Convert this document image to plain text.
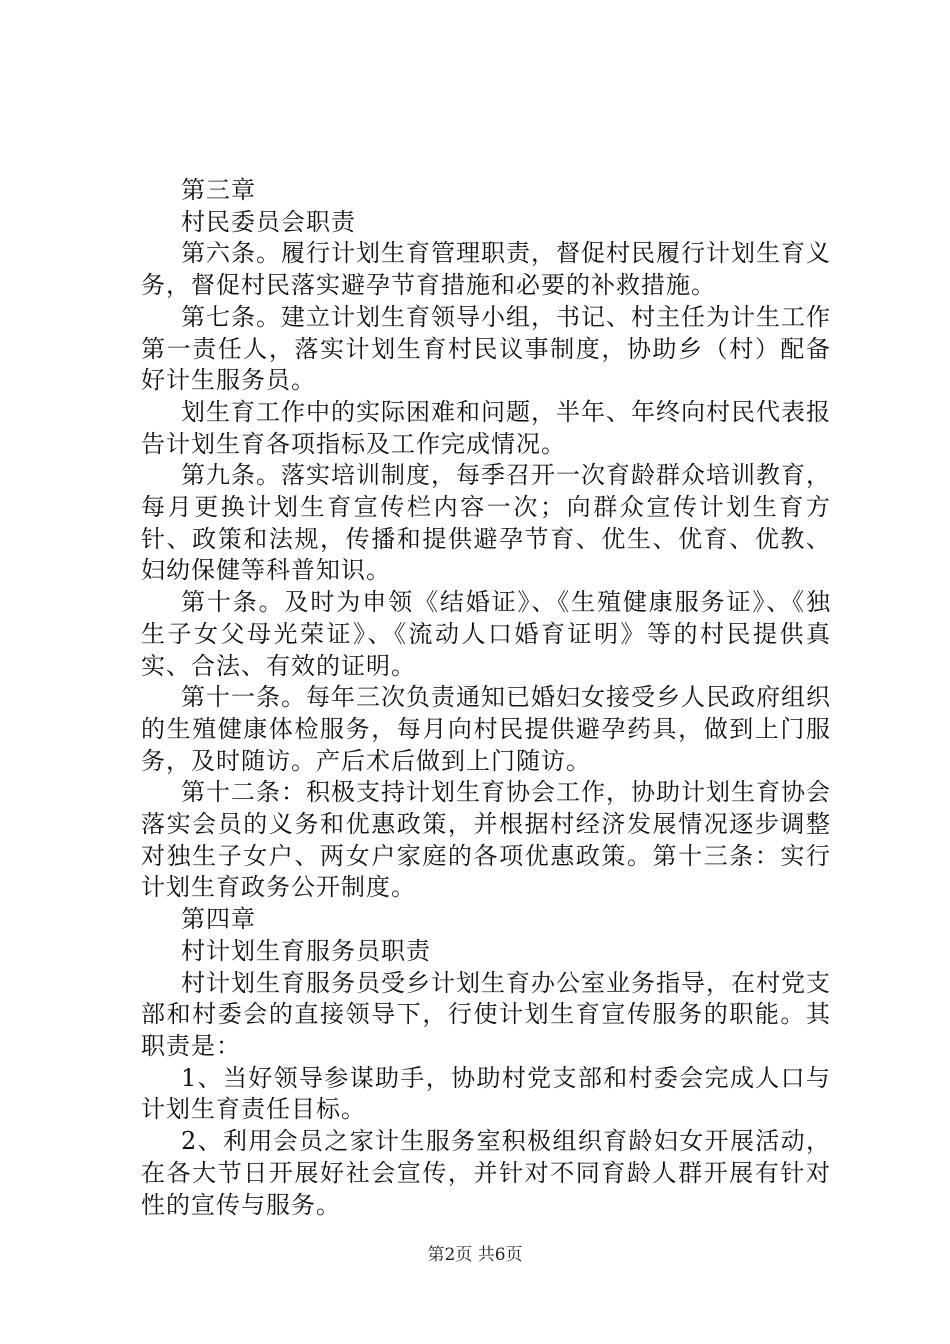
第三章

村民委员会职责

第六条。履行计划生育管理职责，督促村民履行计划生育义务，督促村民落实避孕节育措施和必要的补救措施。

第七条。建立计划生育领导小组，书记、村主任为计生工作第一责任人，落实计划生育村民议事制度，协助乡（村）配备好计生服务员。

划生育工作中的实际困难和问题，半年、年终向村民代表报告计划生育各项指标及工作完成情况。

第九条。落实培训制度，每季召开一次育龄群众培训教育，每月更换计划生育宣传栏内容一次；向群众宣传计划生育方针、政策和法规，传播和提供避孕节育、优生、优育、优教、妇幼保健等科普知识。

第十条。及时为申领《结婚证》、《生殖健康服务证》、《独生子女父母光荣证》、《流动人口婚育证明》等的村民提供真实、合法、有效的证明。

第十一条。每年三次负责通知已婚妇女接受乡人民政府组织的生殖健康体检服务，每月向村民提供避孕药具，做到上门服务，及时随访。产后术后做到上门随访。

第十二条：积极支持计划生育协会工作，协助计划生育协会落实会员的义务和优惠政策，并根据村经济发展情况逐步调整对独生子女户、两女户家庭的各项优惠政策。第十三条：实行计划生育政务公开制度。

第四章

村计划生育服务员职责

村计划生育服务员受乡计划生育办公室业务指导，在村党支部和村委会的直接领导下，行使计划生育宣传服务的职能。其职责是：

1、当好领导参谋助手，协助村党支部和村委会完成人口与计划生育责任目标。

2、利用会员之家计生服务室积极组织育龄妇女开展活动，在各大节日开展好社会宣传，并针对不同育龄人群开展有针对性的宣传与服务。

第2页 共6页
